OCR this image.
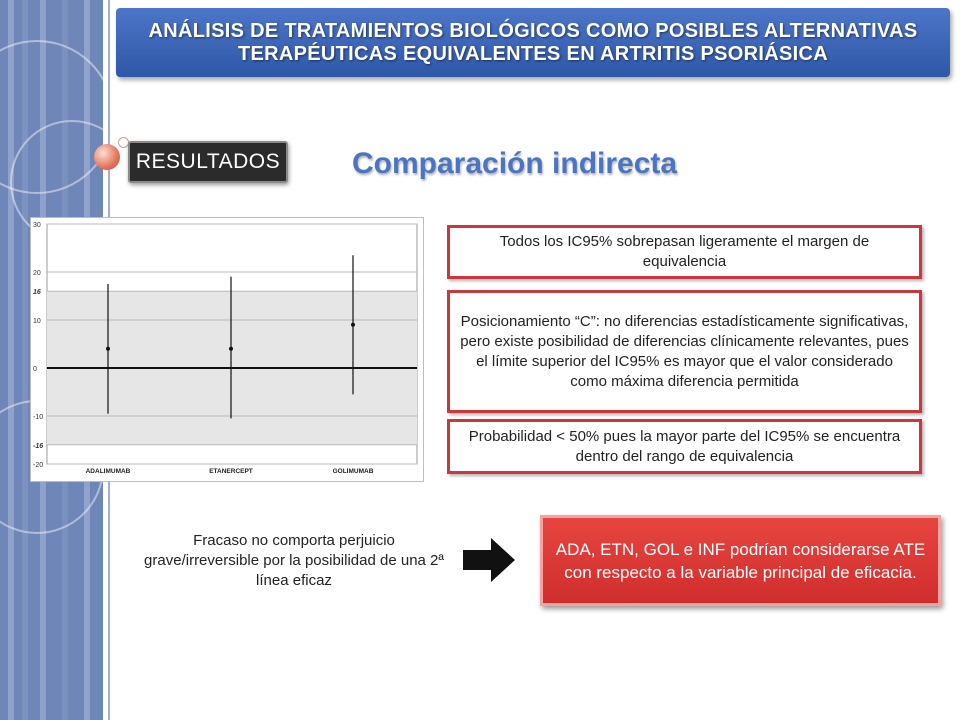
ANÁLISIS DE TRATAMIENTOS BIOLÓGICOS COMO POSIBLES ALTERNATIVAS
TERAPÉUTICAS EQUIVALENTES EN ARTRITIS PSORIÁSICA
RESULTADOS Comparación indirecta
30
20
16
10
0
-10
-16
-20
ADALIMUMAB	ETANERCEPT	GOLIMUMAB
Todos los IC95% sobrepasan ligeramente el margen de equivalencia
Posicionamiento “C”: no diferencias estadísticamente significativas, pero existe posibilidad de diferencias clínicamente relevantes, pues el límite superior del IC95% es mayor que el valor considerado como máxima diferencia permitida
Probabilidad < 50% pues la mayor parte del IC95% se encuentra dentro del rango de equivalencia
Fracaso no comporta perjuicio grave/irreversible por la posibilidad de una 2ª línea eficaz
ADA, ETN, GOL e INF podrían considerarse ATE con respecto a la variable principal de eficacia.
